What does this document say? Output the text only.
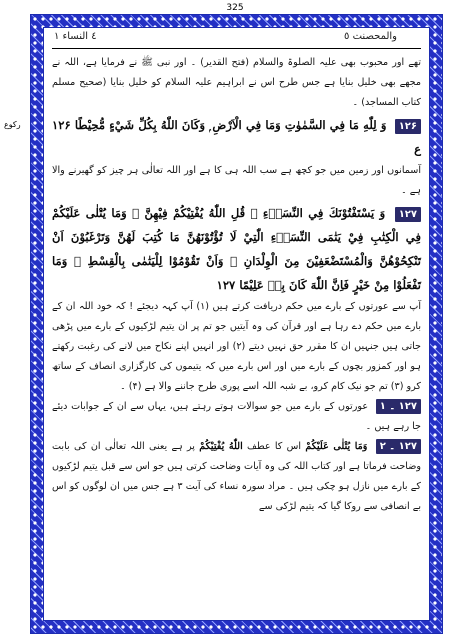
325
ركوع
٤ النساء ۱	والمحصنت ٥

تھے اور محبوب بھی علیہ الصلوۃ والسلام (فتح القدیر) ۔ اور نبی ﷺ نے فرمایا ہے، اللہ نے مجھے بھی خلیل بنایا ہے جس طرح اس نے ابراہیم علیہ السلام کو خلیل بنایا (صحیح مسلم کتاب المساجد) ۔

۱۲۶ وَ لِلّٰهِ مَا فِي السَّمٰوٰتِ وَمَا فِي الْاَرْضِ ۭ وَكَانَ اللّٰهُ بِكُلِّ شَيْءٍ مُّحِيْطًا ۱۲۶ ع

آسمانوں اور زمین میں جو کچھ ہے سب اللہ ہی کا ہے اور اللہ تعالٰی ہر چیز کو گھیرنے والا ہے ۔

۱۲۷ وَ يَسْتَفْتُوْنَكَ فِي النِّسَاۗءِ ۭ قُلِ اللّٰهُ يُفْتِيْكُمْ فِيْهِنَّ ۙ وَمَا يُتْلٰى عَلَيْكُمْ فِي الْكِتٰبِ فِيْ يَتٰمَى النِّسَاۗءِ الّٰتِيْ لَا تُؤْتُوْنَهُنَّ مَا كُتِبَ لَهُنَّ وَتَرْغَبُوْنَ اَنْ تَنْكِحُوْهُنَّ وَالْمُسْتَضْعَفِيْنَ مِنَ الْوِلْدَانِ ۙ وَاَنْ تَقُوْمُوْا لِلْيَتٰمٰى بِالْقِسْطِ ۭ وَمَا تَفْعَلُوْا مِنْ خَيْرٍ فَاِنَّ اللّٰهَ كَانَ بِهٖ عَلِيْمًا ۱۲۷

آپ سے عورتوں کے بارے میں حکم دریافت کرتے ہیں (۱) آپ کہہ دیجئے ! کہ خود اللہ ان کے بارے میں حکم دے رہا ہے اور قرآن کی وہ آیتیں جو تم پر ان یتیم لڑکیوں کے بارے میں پڑھی جاتی ہیں جنہیں ان کا مقرر حق نہیں دیتے (۲) اور انہیں اپنے نکاح میں لانے کی رغبت رکھتے ہو اور کمزور بچوں کے بارے میں اور اس بارے میں کہ یتیموں کی کارگزاری انصاف کے ساتھ کرو (۳) تم جو نیک کام کرو، بے شبہ اللہ اسے پوری طرح جاننے والا ہے (۴) ۔

۱۲۷ ۔ ۱ عورتوں کے بارے میں جو سوالات ہوتے رہتے ہیں، یہاں سے ان کے جوابات دیئے جا رہے ہیں ۔

۱۲۷ ۔ ۲ وَمَا يُتْلٰى عَلَيْكُمْ اس کا عطف اللّٰهُ يُفْتِيْكُمْ پر ہے یعنی اللہ تعالٰی ان کی بابت وضاحت فرماتا ہے اور کتاب اللہ کی وہ آیات وضاحت کرتی ہیں جو اس سے قبل یتیم لڑکیوں کے بارے میں نازل ہو چکی ہیں ۔ مراد سورہ نساء کی آیت ۳ ہے جس میں ان لوگوں کو اس بے انصافی سے روکا گیا کہ یتیم لڑکی سے
